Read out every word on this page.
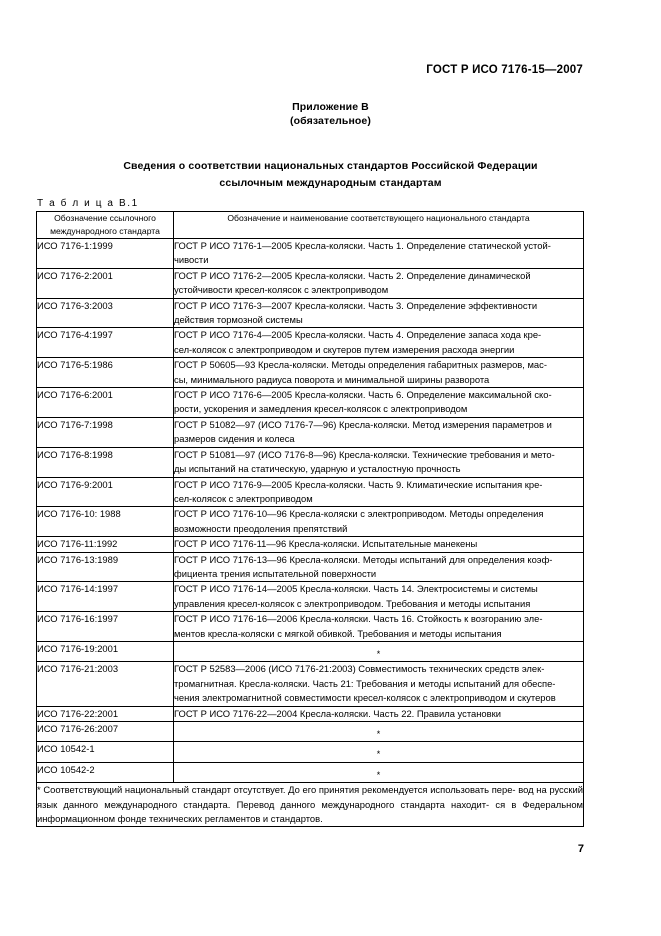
ГОСТ Р ИСО 7176-15—2007
Приложение В
(обязательное)
Сведения о соответствии национальных стандартов Российской Федерации
ссылочным международным стандартам
Т а б л и ц а В.1
Обозначение ссылочного
международного стандарта	Обозначение и наименование соответствующего национального стандарта
ИСО 7176-1:1999	ГОСТ Р ИСО 7176-1—2005 Кресла-коляски. Часть 1. Определение статической устой-
чивости

ИСО 7176-2:2001	ГОСТ Р ИСО 7176-2—2005 Кресла-коляски. Часть 2. Определение динамической
устойчивости кресел-колясок с электроприводом

ИСО 7176-3:2003	ГОСТ Р ИСО 7176-3—2007 Кресла-коляски. Часть 3. Определение эффективности
действия тормозной системы

ИСО 7176-4:1997	ГОСТ Р ИСО 7176-4—2005 Кресла-коляски. Часть 4. Определение запаса хода кре-
сел-колясок с электроприводом и скутеров путем измерения расхода энергии

ИСО 7176-5:1986	ГОСТ Р 50605—93 Кресла-коляски. Методы определения габаритных размеров, мас-
сы, минимального радиуса поворота и минимальной ширины разворота

ИСО 7176-6:2001	ГОСТ Р ИСО 7176-6—2005 Кресла-коляски. Часть 6. Определение максимальной ско-
рости, ускорения и замедления кресел-колясок с электроприводом

ИСО 7176-7:1998	ГОСТ Р 51082—97 (ИСО 7176-7—96) Кресла-коляски. Метод измерения параметров и
размеров сидения и колеса

ИСО 7176-8:1998	ГОСТ Р 51081—97 (ИСО 7176-8—96) Кресла-коляски. Технические требования и мето-
ды испытаний на статическую, ударную и усталостную прочность

ИСО 7176-9:2001	ГОСТ Р ИСО 7176-9—2005 Кресла-коляски. Часть 9. Климатические испытания кре-
сел-колясок с электроприводом

ИСО 7176-10: 1988	ГОСТ Р ИСО 7176-10—96 Кресла-коляски с электроприводом. Методы определения
возможности преодоления препятствий

ИСО 7176-11:1992	ГОСТ Р ИСО 7176-11—96 Кресла-коляски. Испытательные манекены
ИСО 7176-13:1989	ГОСТ Р ИСО 7176-13—96 Кресла-коляски. Методы испытаний для определения коэф-
фициента трения испытательной поверхности

ИСО 7176-14:1997	ГОСТ Р ИСО 7176-14—2005 Кресла-коляски. Часть 14. Электросистемы и системы
управления кресел-колясок с электроприводом. Требования и методы испытания

ИСО 7176-16:1997	ГОСТ Р ИСО 7176-16—2006 Кресла-коляски. Часть 16. Стойкость к возгоранию эле-
ментов кресла-коляски с мягкой обивкой. Требования и методы испытания

ИСО 7176-19:2001	*
ИСО 7176-21:2003	ГОСТ Р 52583—2006 (ИСО 7176-21:2003) Совместимость технических средств элек-
тромагнитная. Кресла-коляски. Часть 21: Требования и методы испытаний для обеспе-
чения электромагнитной совместимости кресел-колясок с электроприводом и скутеров

ИСО 7176-22:2001	ГОСТ Р ИСО 7176-22—2004 Кресла-коляски. Часть 22. Правила установки
ИСО 7176-26:2007	*
ИСО 10542-1	*
ИСО 10542-2	*
* Соответствующий национальный стандарт отсутствует. До его принятия рекомендуется использовать пере- вод на русский язык данного международного стандарта. Перевод данного международного стандарта находит- ся в Федеральном информационном фонде технических регламентов и стандартов.	
7
